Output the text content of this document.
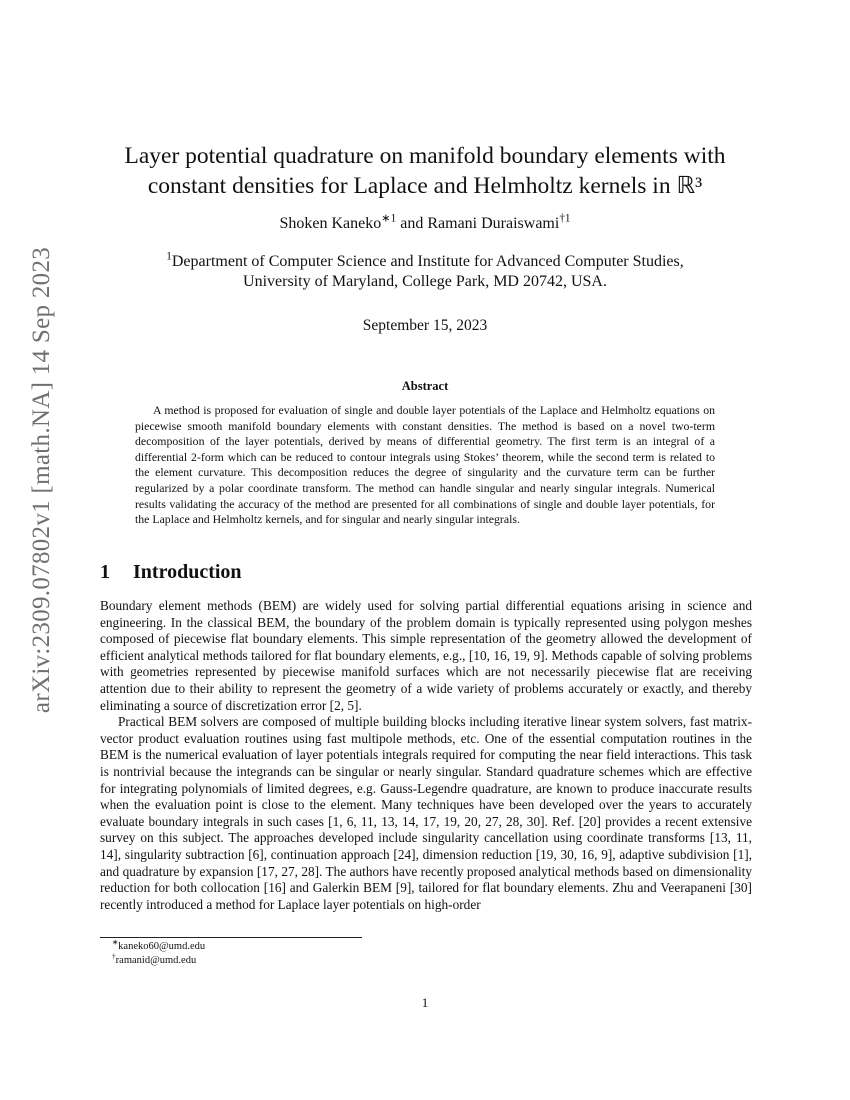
arXiv:2309.07802v1 [math.NA] 14 Sep 2023
Layer potential quadrature on manifold boundary elements with
constant densities for Laplace and Helmholtz kernels in ℝ³
Shoken Kaneko$^{∗1}$ and Ramani Duraiswami$^{\dagger 1}$
$^1$Department of Computer Science and Institute for Advanced Computer Studies,
University of Maryland, College Park, MD 20742, USA.
September 15, 2023
Abstract
A method is proposed for evaluation of single and double layer potentials of the Laplace and Helmholtz equations on piecewise smooth manifold boundary elements with constant densities. The method is based on a novel two-term decomposition of the layer potentials, derived by means of differential geometry. The first term is an integral of a differential 2-form which can be reduced to contour integrals using Stokes’ theorem, while the second term is related to the element curvature. This decomposition reduces the degree of singularity and the curvature term can be further regularized by a polar coordinate transform. The method can handle singular and nearly singular integrals. Numerical results validating the accuracy of the method are presented for all combinations of single and double layer potentials, for the Laplace and Helmholtz kernels, and for singular and nearly singular integrals.
1 Introduction

Boundary element methods (BEM) are widely used for solving partial differential equations arising in science and engineering. In the classical BEM, the boundary of the problem domain is typically represented using polygon meshes composed of piecewise flat boundary elements. This simple representation of the geometry allowed the development of efficient analytical methods tailored for flat boundary elements, e.g., [10, 16, 19, 9]. Methods capable of solving problems with geometries represented by piecewise manifold surfaces which are not necessarily piecewise flat are receiving attention due to their ability to represent the geometry of a wide variety of problems accurately or exactly, and thereby eliminating a source of discretization error [2, 5].

Practical BEM solvers are composed of multiple building blocks including iterative linear system solvers, fast matrix-vector product evaluation routines using fast multipole methods, etc. One of the essential computation routines in the BEM is the numerical evaluation of layer potentials integrals required for computing the near field interactions. This task is nontrivial because the integrands can be singular or nearly singular. Standard quadrature schemes which are effective for integrating polynomials of limited degrees, e.g. Gauss-Legendre quadrature, are known to produce inaccurate results when the evaluation point is close to the element. Many techniques have been developed over the years to accurately evaluate boundary integrals in such cases [1, 6, 11, 13, 14, 17, 19, 20, 27, 28, 30]. Ref. [20] provides a recent extensive survey on this subject. The approaches developed include singularity cancellation using coordinate transforms [13, 11, 14], singularity subtraction [6], continuation approach [24], dimension reduction [19, 30, 16, 9], adaptive subdivision [1], and quadrature by expansion [17, 27, 28]. The authors have recently proposed analytical methods based on dimensionality reduction for both collocation [16] and Galerkin BEM [9], tailored for flat boundary elements. Zhu and Veerapaneni [30] recently introduced a method for Laplace layer potentials on high-order

∗kaneko60@umd.edu
†ramanid@umd.edu
1
